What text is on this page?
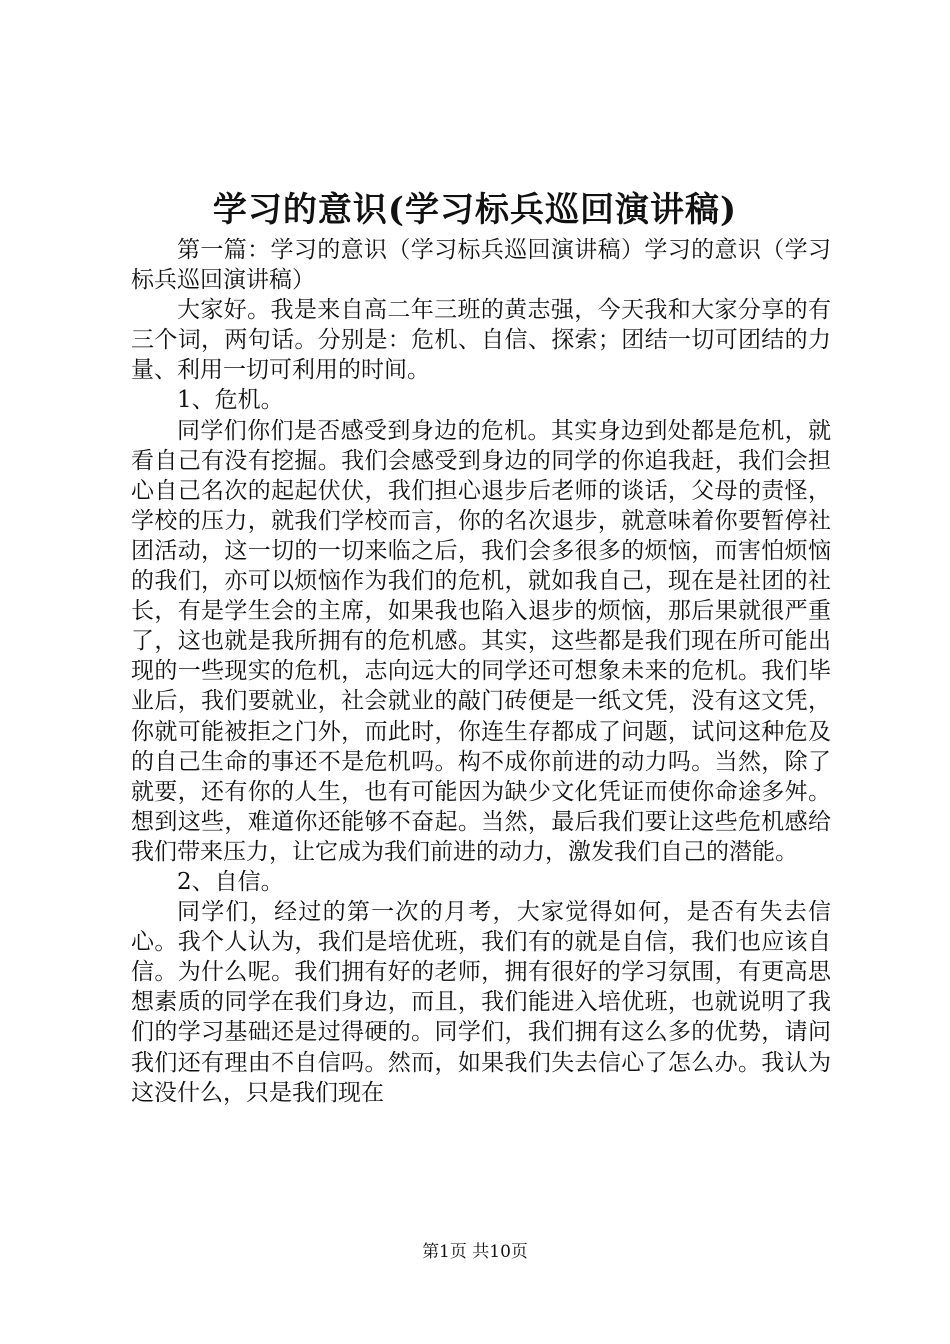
学习的意识(学习标兵巡回演讲稿)

第一篇：学习的意识（学习标兵巡回演讲稿）学习的意识（学习标兵巡回演讲稿）

大家好。我是来自高二年三班的黄志强，今天我和大家分享的有三个词，两句话。分别是：危机、自信、探索；团结一切可团结的力量、利用一切可利用的时间。

1、危机。

同学们你们是否感受到身边的危机。其实身边到处都是危机，就看自己有没有挖掘。我们会感受到身边的同学的你追我赶，我们会担心自己名次的起起伏伏，我们担心退步后老师的谈话，父母的责怪，学校的压力，就我们学校而言，你的名次退步，就意味着你要暂停社团活动，这一切的一切来临之后，我们会多很多的烦恼，而害怕烦恼的我们，亦可以烦恼作为我们的危机，就如我自己，现在是社团的社长，有是学生会的主席，如果我也陷入退步的烦恼，那后果就很严重了，这也就是我所拥有的危机感。其实，这些都是我们现在所可能出现的一些现实的危机，志向远大的同学还可想象未来的危机。我们毕业后，我们要就业，社会就业的敲门砖便是一纸文凭，没有这文凭，你就可能被拒之门外，而此时，你连生存都成了问题，试问这种危及的自己生命的事还不是危机吗。构不成你前进的动力吗。当然，除了就要，还有你的人生，也有可能因为缺少文化凭证而使你命途多舛。想到这些，难道你还能够不奋起。当然，最后我们要让这些危机感给我们带来压力，让它成为我们前进的动力，激发我们自己的潜能。

2、自信。

同学们，经过的第一次的月考，大家觉得如何，是否有失去信心。我个人认为，我们是培优班，我们有的就是自信，我们也应该自信。为什么呢。我们拥有好的老师，拥有很好的学习氛围，有更高思想素质的同学在我们身边，而且，我们能进入培优班，也就说明了我们的学习基础还是过得硬的。同学们，我们拥有这么多的优势，请问我们还有理由不自信吗。然而，如果我们失去信心了怎么办。我认为这没什么，只是我们现在

第1页 共10页
